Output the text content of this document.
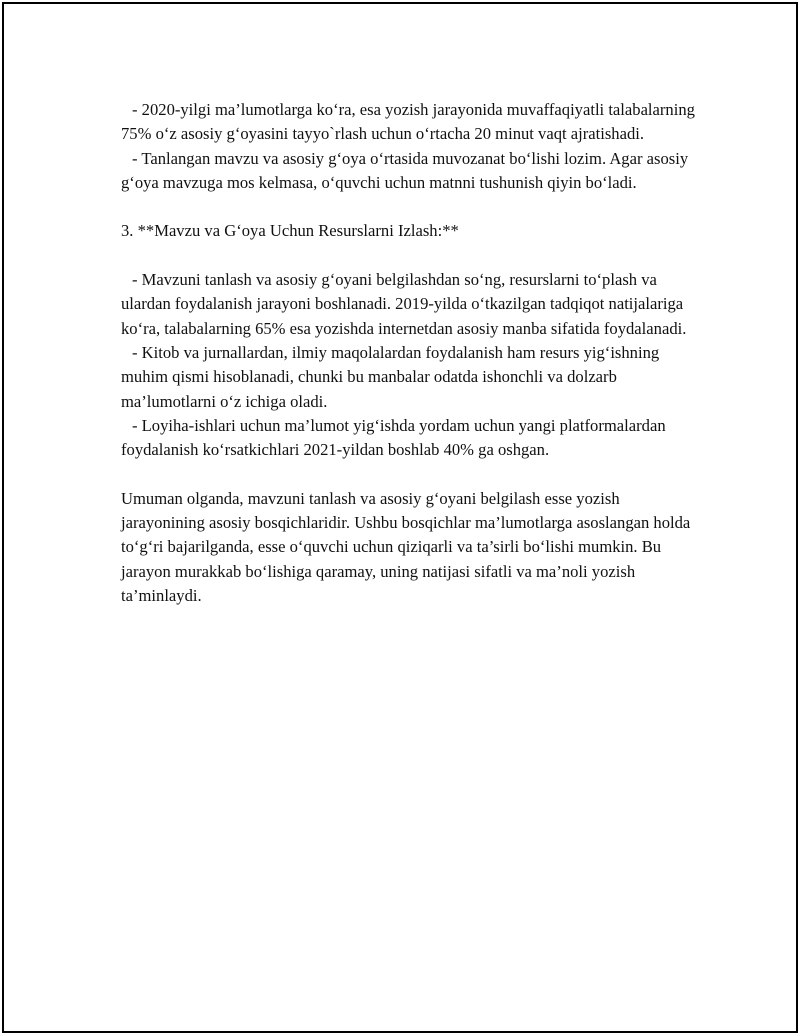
- 2020-yilgi ma’lumotlarga ko‘ra, esa yozish jarayonida muvaffaqiyatli talabalarning 75% o‘z asosiy g‘oyasini tayyo`rlash uchun o‘rtacha 20 minut vaqt ajratishadi.

- Tanlangan mavzu va asosiy g‘oya o‘rtasida muvozanat bo‘lishi lozim. Agar asosiy g‘oya mavzuga mos kelmasa, o‘quvchi uchun matnni tushunish qiyin bo‘ladi.

3. **Mavzu va G‘oya Uchun Resurslarni Izlash:**

- Mavzuni tanlash va asosiy g‘oyani belgilashdan so‘ng, resurslarni to‘plash va ulardan foydalanish jarayoni boshlanadi. 2019-yilda o‘tkazilgan tadqiqot natijalariga ko‘ra, talabalarning 65% esa yozishda internetdan asosiy manba sifatida foydalanadi.

- Kitob va jurnallardan, ilmiy maqolalardan foydalanish ham resurs yig‘ishning muhim qismi hisoblanadi, chunki bu manbalar odatda ishonchli va dolzarb ma’lumotlarni o‘z ichiga oladi.

- Loyiha-ishlari uchun ma’lumot yig‘ishda yordam uchun yangi platformalardan foydalanish ko‘rsatkichlari 2021-yildan boshlab 40% ga oshgan.

Umuman olganda, mavzuni tanlash va asosiy g‘oyani belgilash esse yozish jarayonining asosiy bosqichlaridir. Ushbu bosqichlar ma’lumotlarga asoslangan holda to‘g‘ri bajarilganda, esse o‘quvchi uchun qiziqarli va ta’sirli bo‘lishi mumkin. Bu jarayon murakkab bo‘lishiga qaramay, uning natijasi sifatli va ma’noli yozish ta’minlaydi.
